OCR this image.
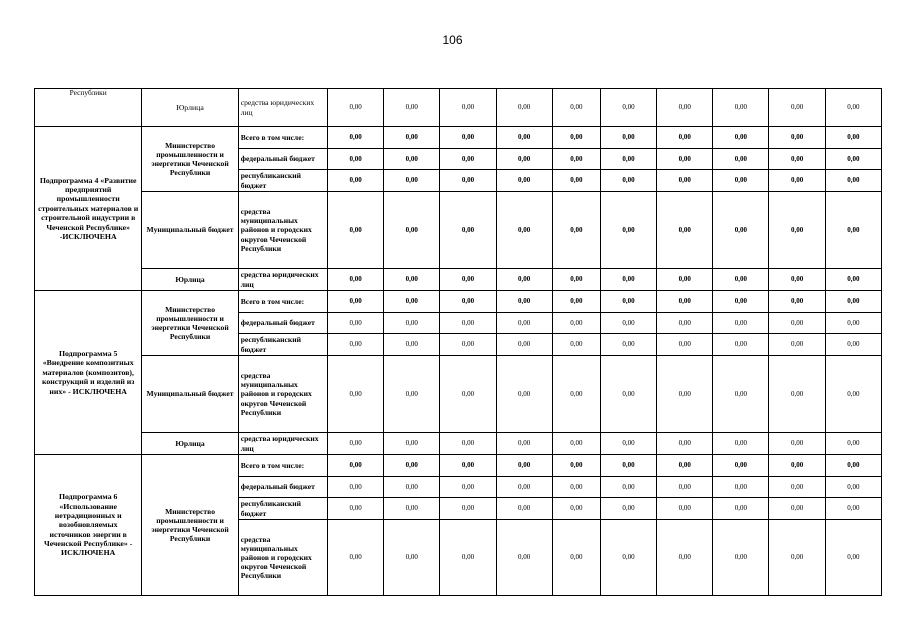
106
Республики	Юрлица	средства юридических лиц	0,00	0,00	0,00	0,00	0,00	0,00	0,00	0,00	0,00	0,00
Подпрограмма 4 «Развитие предприятий промышленности строительных материалов и строительной индустрии в Чеченской Республике» -ИСКЛЮЧЕНА	Министерство промышленности и энергетики Чеченской Республики	Всего в том числе:	0,00	0,00	0,00	0,00	0,00	0,00	0,00	0,00	0,00	0,00
		федеральный бюджет	0,00	0,00	0,00	0,00	0,00	0,00	0,00	0,00	0,00	0,00
		республиканский бюджет	0,00	0,00	0,00	0,00	0,00	0,00	0,00	0,00	0,00	0,00
	Муниципальный бюджет	средства муниципальных районов и городских округов Чеченской Республики	0,00	0,00	0,00	0,00	0,00	0,00	0,00	0,00	0,00	0,00
	Юрлица	средства юридических лиц	0,00	0,00	0,00	0,00	0,00	0,00	0,00	0,00	0,00	0,00
Подпрограмма 5 «Внедрение композитных материалов (композитов), конструкций и изделий из них» - ИСКЛЮЧЕНА	Министерство промышленности и энергетики Чеченской Республики	Всего в том числе:	0,00	0,00	0,00	0,00	0,00	0,00	0,00	0,00	0,00	0,00
		федеральный бюджет	0,00	0,00	0,00	0,00	0,00	0,00	0,00	0,00	0,00	0,00
		республиканский бюджет	0,00	0,00	0,00	0,00	0,00	0,00	0,00	0,00	0,00	0,00
	Муниципальный бюджет	средства муниципальных районов и городских округов Чеченской Республики	0,00	0,00	0,00	0,00	0,00	0,00	0,00	0,00	0,00	0,00
	Юрлица	средства юридических лиц	0,00	0,00	0,00	0,00	0,00	0,00	0,00	0,00	0,00	0,00
Подпрограмма 6 «Использование нетрадиционных и возобновляемых источников энергии в Чеченской Республике» - ИСКЛЮЧЕНА	Министерство промышленности и энергетики Чеченской Республики	Всего в том числе:	0,00	0,00	0,00	0,00	0,00	0,00	0,00	0,00	0,00	0,00
		федеральный бюджет	0,00	0,00	0,00	0,00	0,00	0,00	0,00	0,00	0,00	0,00
		республиканский бюджет	0,00	0,00	0,00	0,00	0,00	0,00	0,00	0,00	0,00	0,00
		средства муниципальных районов и городских округов Чеченской Республики	0,00	0,00	0,00	0,00	0,00	0,00	0,00	0,00	0,00	0,00
